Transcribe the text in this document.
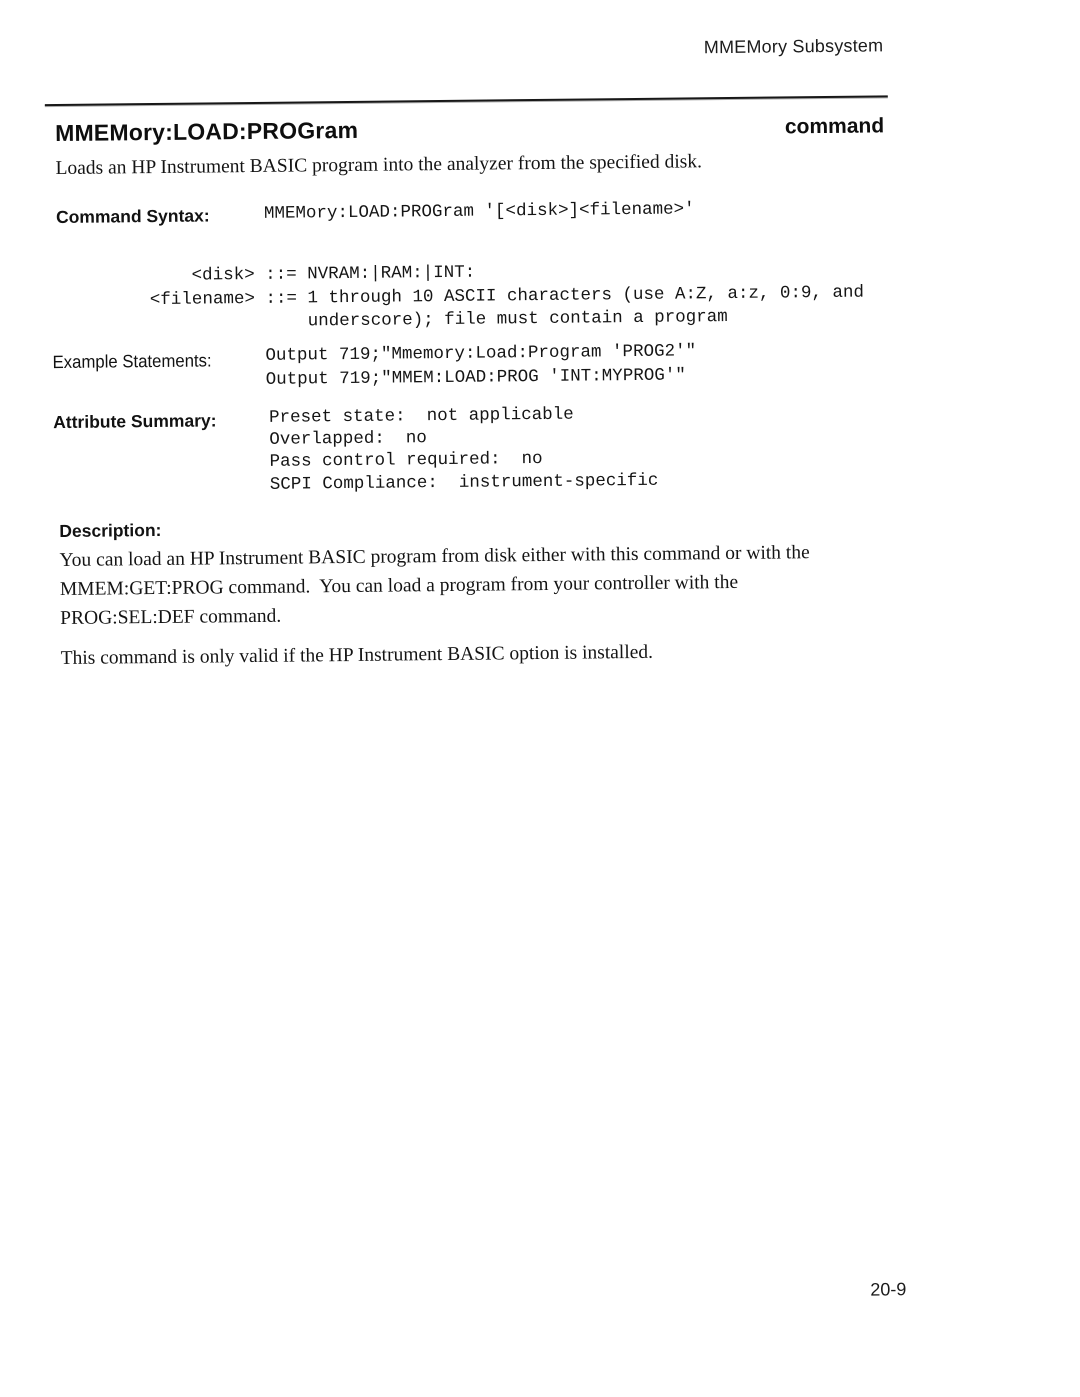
MMEMory Subsystem
MMEMory:LOAD:PROGram	command

Loads an HP Instrument BASIC program into the analyzer from the specified disk.

Command Syntax:	MMEMory:LOAD:PROGram '[<disk>]<filename>'
<disk> ::= NVRAM:|RAM:|INT:
<filename> ::= 1 through 10 ASCII characters (use A:Z, a:z, 0:9, and
underscore); file must contain a program
Example Statements:	Output 719;"Mmemory:Load:Program 'PROG2'"
Output 719;"MMEM:LOAD:PROG 'INT:MYPROG'"
Attribute Summary:	Preset state:  not applicable
Overlapped:  no
Pass control required:  no
SCPI Compliance:  instrument-specific
Description:
You can load an HP Instrument BASIC program from disk either with this command or with the
MMEM:GET:PROG command.  You can load a program from your controller with the
PROG:SEL:DEF command.

This command is only valid if the HP Instrument BASIC option is installed.

20-9
